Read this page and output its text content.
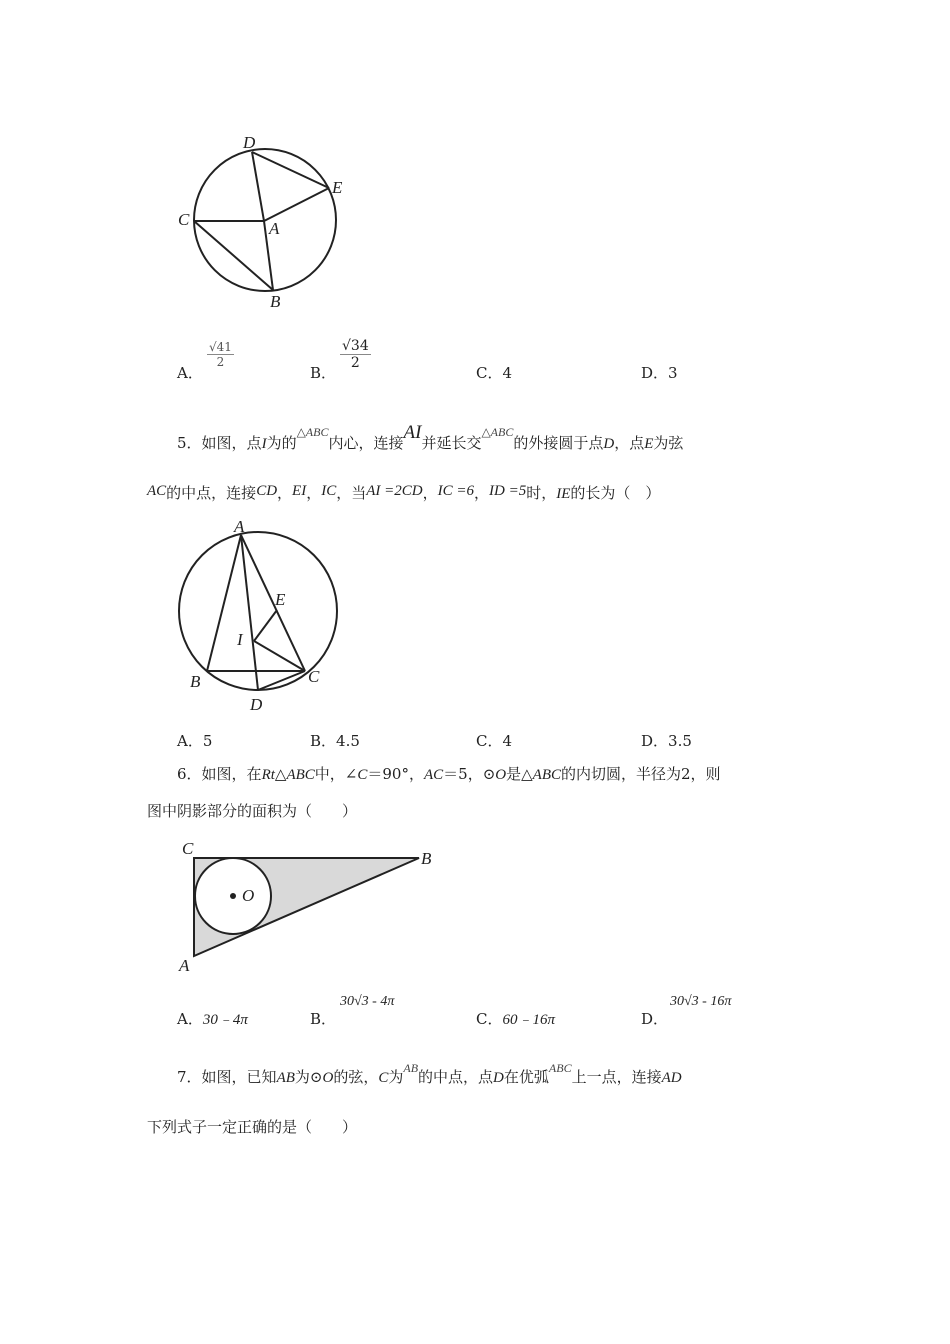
D
E
C	A
B
A．
$\frac{√41}{2}$
B．
$\frac{√34}{2}$
C．4	D．3
5．如图，点I为的$^{\triangle ABC}$内心，连接AI并延长交$^{\triangle ABC}$的外接圆于点D，点E为弦
AC的中点，连接CD，EI，IC，当AI =2CD，IC =6，ID =5时，IE的长为（　）
A
E
I
B	C
D
A．5	B．4.5	C．4	D．3.5
6．如图，在Rt△ABC中，∠C＝90°，AC＝5，⊙O是△ABC的内切圆，半径为2，则
图中阴影部分的面积为（　　）
C
B
O
A
A．30﹣4π	B．
30√3 - 4π
C．60﹣16π	D．
30√3 - 16π
7．如图，已知AB为⊙O的弦，C为$^{AB}$的中点，点D在优弧$^{ABC}$上一点，连接AD
下列式子一定正确的是（　　）
